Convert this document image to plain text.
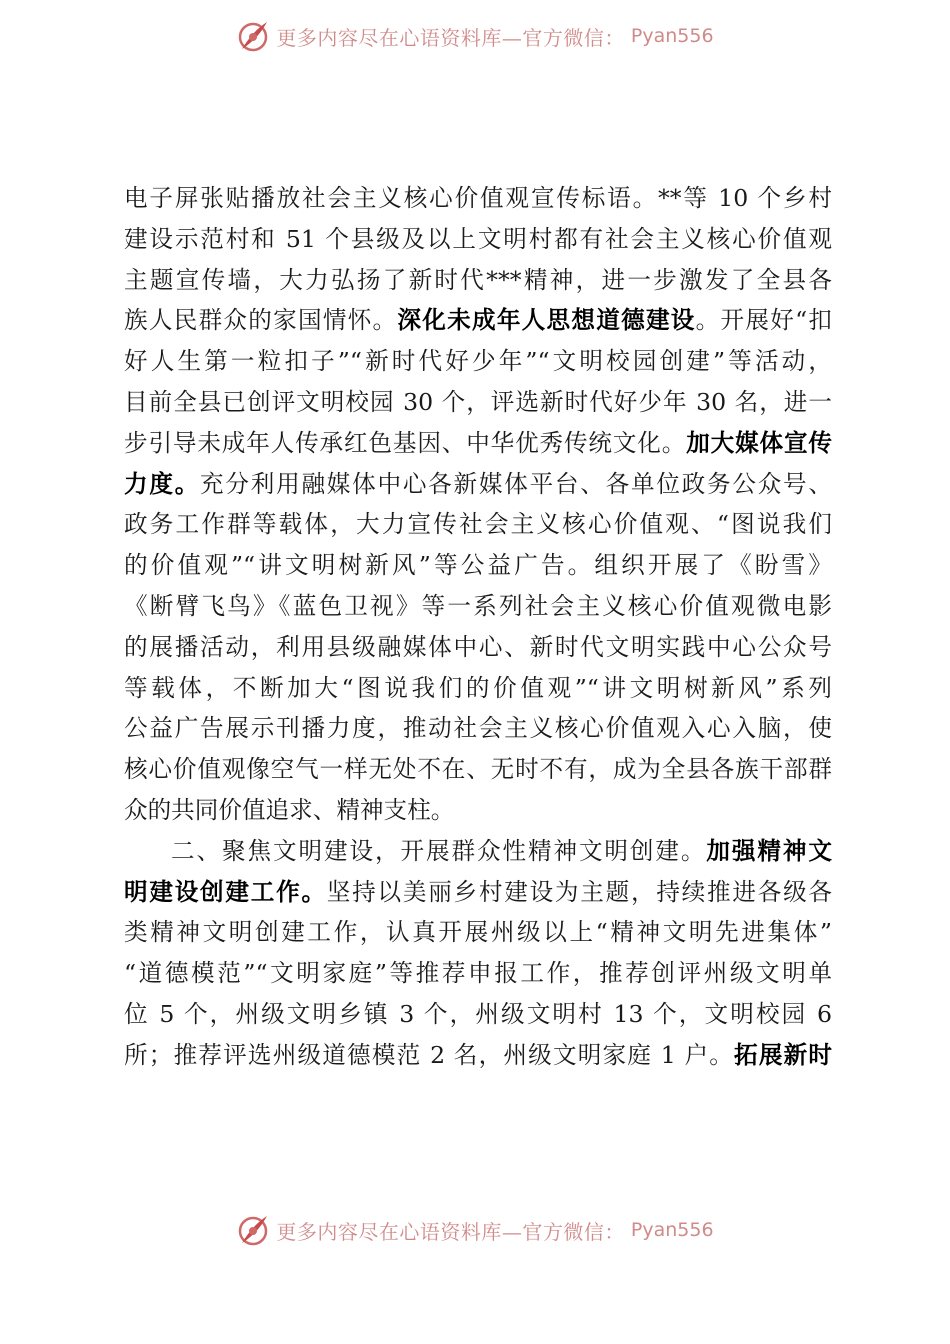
更多内容尽在心语资料库—官方微信： Pyan556
电子屏张贴播放社会主义核心价值观宣传标语。**等 10 个乡村
建设示范村和 51 个县级及以上文明村都有社会主义核心价值观
主题宣传墙，大力弘扬了新时代***精神，进一步激发了全县各
族人民群众的家国情怀。深化未成年人思想道德建设。开展好“扣
好人生第一粒扣子”“新时代好少年”“文明校园创建”等活动，
目前全县已创评文明校园 30 个，评选新时代好少年 30 名，进一
步引导未成年人传承红色基因、中华优秀传统文化。加大媒体宣传
力度。充分利用融媒体中心各新媒体平台、各单位政务公众号、
政务工作群等载体，大力宣传社会主义核心价值观、“图说我们
的价值观”“讲文明树新风”等公益广告。组织开展了《盼雪》
《断臂飞鸟》《蓝色卫视》等一系列社会主义核心价值观微电影
的展播活动，利用县级融媒体中心、新时代文明实践中心公众号
等载体，不断加大“图说我们的价值观”“讲文明树新风”系列
公益广告展示刊播力度，推动社会主义核心价值观入心入脑，使
核心价值观像空气一样无处不在、无时不有，成为全县各族干部群
众的共同价值追求、精神支柱。
二、聚焦文明建设，开展群众性精神文明创建。加强精神文
明建设创建工作。坚持以美丽乡村建设为主题，持续推进各级各
类精神文明创建工作，认真开展州级以上“精神文明先进集体”
“道德模范”“文明家庭”等推荐申报工作，推荐创评州级文明单
位 5 个，州级文明乡镇 3 个，州级文明村 13 个，文明校园 6
所；推荐评选州级道德模范 2 名，州级文明家庭 1 户。拓展新时
更多内容尽在心语资料库—官方微信： Pyan556
